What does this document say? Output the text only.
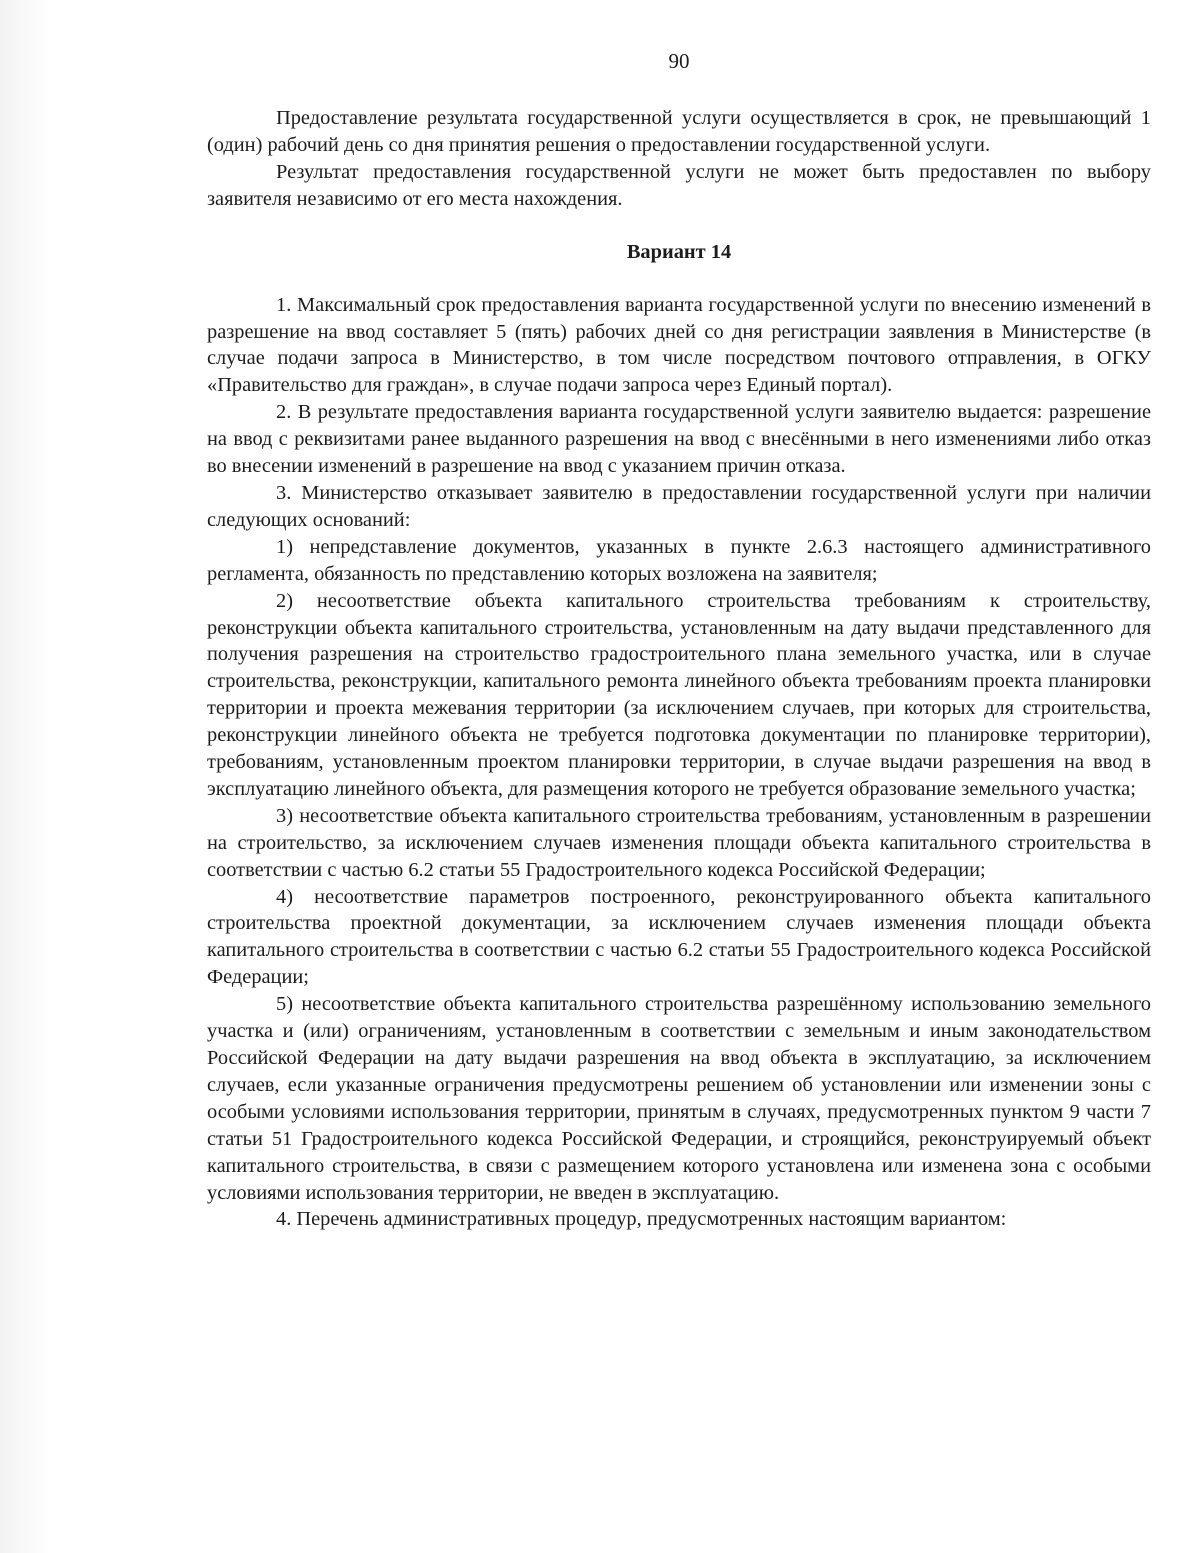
90

Предоставление результата государственной услуги осуществляется в срок, не превышающий 1 (один) рабочий день со дня принятия решения о предоставлении государственной услуги.

Результат предоставления государственной услуги не может быть предоставлен по выбору заявителя независимо от его места нахождения.

Вариант 14

1. Максимальный срок предоставления варианта государственной услуги по внесению изменений в разрешение на ввод составляет 5 (пять) рабочих дней со дня регистрации заявления в Министерстве (в случае подачи запроса в Министерство, в том числе посредством почтового отправления, в ОГКУ «Правительство для граждан», в случае подачи запроса через Единый портал).

2. В результате предоставления варианта государственной услуги заявителю выдается: разрешение на ввод с реквизитами ранее выданного разрешения на ввод с внесёнными в него изменениями либо отказ во внесении изменений в разрешение на ввод с указанием причин отказа.

3. Министерство отказывает заявителю в предоставлении государственной услуги при наличии следующих оснований:

1) непредставление документов, указанных в пункте 2.6.3 настоящего административного регламента, обязанность по представлению которых возложена на заявителя;

2) несоответствие объекта капитального строительства требованиям к строительству, реконструкции объекта капитального строительства, установленным на дату выдачи представленного для получения разрешения на строительство градостроительного плана земельного участка, или в случае строительства, реконструкции, капитального ремонта линейного объекта требованиям проекта планировки территории и проекта межевания территории (за исключением случаев, при которых для строительства, реконструкции линейного объекта не требуется подготовка документации по планировке территории), требованиям, установленным проектом планировки территории, в случае выдачи разрешения на ввод в эксплуатацию линейного объекта, для размещения которого не требуется образование земельного участка;

3) несоответствие объекта капитального строительства требованиям, установленным в разрешении на строительство, за исключением случаев изменения площади объекта капитального строительства в соответствии с частью 6.2 статьи 55 Градостроительного кодекса Российской Федерации;

4) несоответствие параметров построенного, реконструированного объекта капитального строительства проектной документации, за исключением случаев изменения площади объекта капитального строительства в соответствии с частью 6.2 статьи 55 Градостроительного кодекса Российской Федерации;

5) несоответствие объекта капитального строительства разрешённому использованию земельного участка и (или) ограничениям, установленным в соответствии с земельным и иным законодательством Российской Федерации на дату выдачи разрешения на ввод объекта в эксплуатацию, за исключением случаев, если указанные ограничения предусмотрены решением об установлении или изменении зоны с особыми условиями использования территории, принятым в случаях, предусмотренных пунктом 9 части 7 статьи 51 Градостроительного кодекса Российской Федерации, и строящийся, реконструируемый объект капитального строительства, в связи с размещением которого установлена или изменена зона с особыми условиями использования территории, не введен в эксплуатацию.

4. Перечень административных процедур, предусмотренных настоящим вариантом:
